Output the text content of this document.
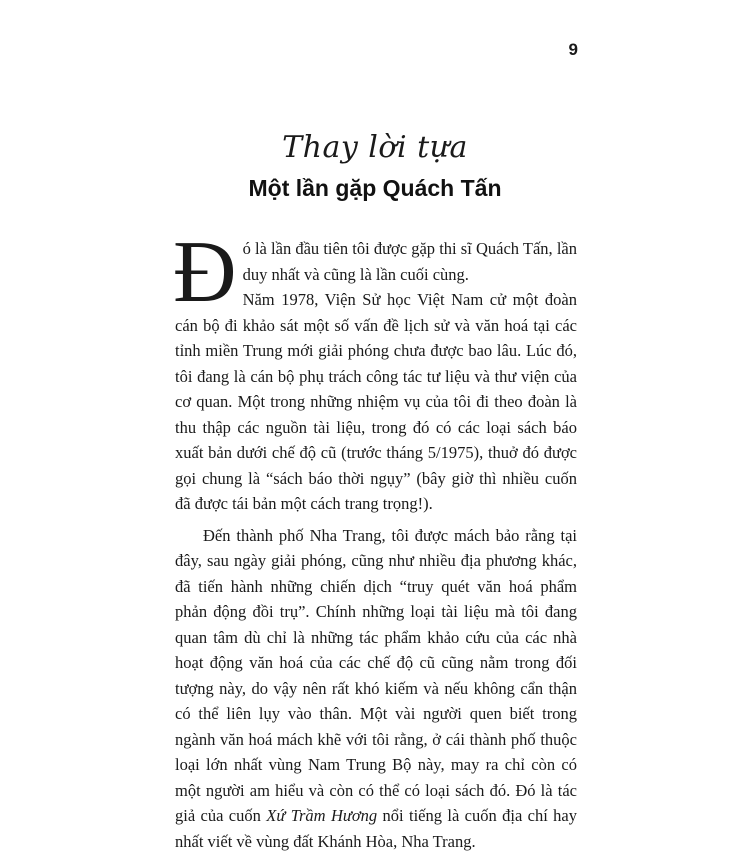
9
Thay lời tựa
Một lần gặp Quách Tấn

Đó là lần đầu tiên tôi được gặp thi sĩ Quách Tấn, lần duy nhất và cũng là lần cuối cùng.

Năm 1978, Viện Sử học Việt Nam cử một đoàn cán bộ đi khảo sát một số vấn đề lịch sử và văn hoá tại các tỉnh miền Trung mới giải phóng chưa được bao lâu. Lúc đó, tôi đang là cán bộ phụ trách công tác tư liệu và thư viện của cơ quan. Một trong những nhiệm vụ của tôi đi theo đoàn là thu thập các nguồn tài liệu, trong đó có các loại sách báo xuất bản dưới chế độ cũ (trước tháng 5/1975), thuở đó được gọi chung là “sách báo thời ngụy” (bây giờ thì nhiều cuốn đã được tái bản một cách trang trọng!).

Đến thành phố Nha Trang, tôi được mách bảo rằng tại đây, sau ngày giải phóng, cũng như nhiều địa phương khác, đã tiến hành những chiến dịch “truy quét văn hoá phẩm phản động đồi trụ”. Chính những loại tài liệu mà tôi đang quan tâm dù chỉ là những tác phẩm khảo cứu của các nhà hoạt động văn hoá của các chế độ cũ cũng nằm trong đối tượng này, do vậy nên rất khó kiếm và nếu không cẩn thận có thể liên lụy vào thân. Một vài người quen biết trong ngành văn hoá mách khẽ với tôi rằng, ở cái thành phố thuộc loại lớn nhất vùng Nam Trung Bộ này, may ra chỉ còn có một người am hiểu và còn có thể có loại sách đó. Đó là tác giả của cuốn Xứ Trầm Hương nổi tiếng là cuốn địa chí hay nhất viết về vùng đất Khánh Hòa, Nha Trang.
